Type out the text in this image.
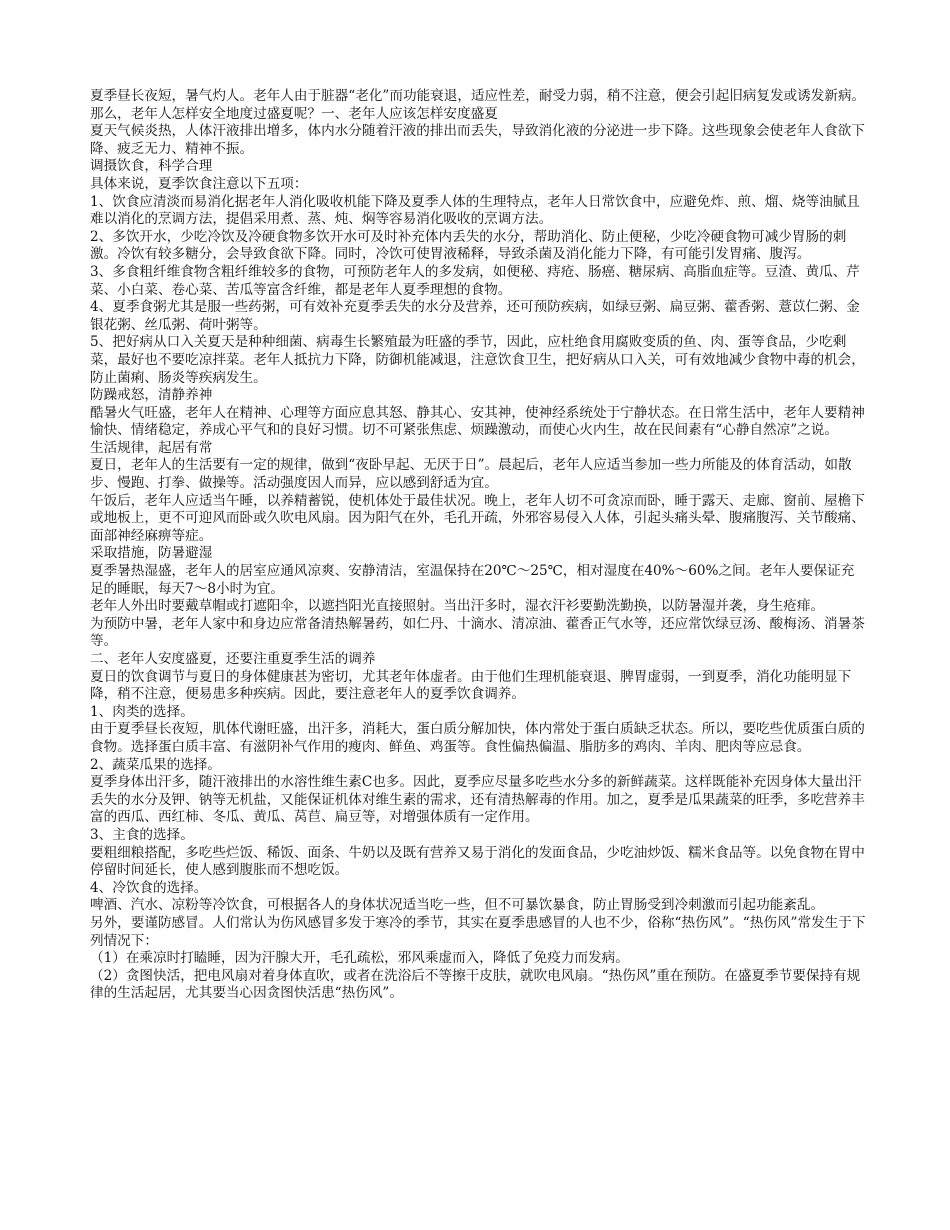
夏季昼长夜短，暑气灼人。老年人由于脏器“老化”而功能衰退，适应性差，耐受力弱，稍不注意，便会引起旧病复发或诱发新病。那么，老年人怎样安全地度过盛夏呢？一、老年人应该怎样安度盛夏

夏天气候炎热，人体汗液排出增多，体内水分随着汗液的排出而丢失，导致消化液的分泌进一步下降。这些现象会使老年人食欲下降、疲乏无力、精神不振。

调摄饮食，科学合理

具体来说，夏季饮食注意以下五项：

1、饮食应清淡而易消化据老年人消化吸收机能下降及夏季人体的生理特点，老年人日常饮食中，应避免炸、煎、熘、烧等油腻且难以消化的烹调方法，提倡采用煮、蒸、炖、焖等容易消化吸收的烹调方法。

2、多饮开水，少吃冷饮及冷硬食物多饮开水可及时补充体内丢失的水分，帮助消化、防止便秘，少吃冷硬食物可减少胃肠的刺激。冷饮有较多糖分，会导致食欲下降。同时，冷饮可使胃液稀释，导致杀菌及消化能力下降，有可能引发胃痛、腹泻。

3、多食粗纤维食物含粗纤维较多的食物，可预防老年人的多发病，如便秘、痔疮、肠癌、糖尿病、高脂血症等。豆渣、黄瓜、芹菜、小白菜、卷心菜、苦瓜等富含纤维，都是老年人夏季理想的食物。

4、夏季食粥尤其是服一些药粥，可有效补充夏季丢失的水分及营养，还可预防疾病，如绿豆粥、扁豆粥、藿香粥、薏苡仁粥、金银花粥、丝瓜粥、荷叶粥等。

5、把好病从口入关夏天是种种细菌、病毒生长繁殖最为旺盛的季节，因此，应杜绝食用腐败变质的鱼、肉、蛋等食品，少吃剩菜，最好也不要吃凉拌菜。老年人抵抗力下降，防御机能减退，注意饮食卫生，把好病从口入关，可有效地减少食物中毒的机会，防止菌痢、肠炎等疾病发生。

防躁戒怒，清静养神

酷暑火气旺盛，老年人在精神、心理等方面应息其怒、静其心、安其神，使神经系统处于宁静状态。在日常生活中，老年人要精神愉快、情绪稳定，养成心平气和的良好习惯。切不可紧张焦虑、烦躁激动，而使心火内生，故在民间素有“心静自然凉”之说。

生活规律，起居有常

夏日，老年人的生活要有一定的规律，做到“夜卧早起、无厌于日”。晨起后，老年人应适当参加一些力所能及的体育活动，如散步、慢跑、打拳、做操等。活动强度因人而异，应以感到舒适为宜。

午饭后，老年人应适当午睡，以养精蓄锐，使机体处于最佳状况。晚上，老年人切不可贪凉而卧，睡于露天、走廊、窗前、屋檐下或地板上，更不可迎风而卧或久吹电风扇。因为阳气在外，毛孔开疏，外邪容易侵入人体，引起头痛头晕、腹痛腹泻、关节酸痛、面部神经麻痹等症。

采取措施，防暑避湿

夏季暑热湿盛，老年人的居室应通风凉爽、安静清洁，室温保持在20℃～25℃，相对湿度在40%～60%之间。老年人要保证充足的睡眠，每天7～8小时为宜。

老年人外出时要戴草帽或打遮阳伞，以遮挡阳光直接照射。当出汗多时，湿衣汗衫要勤洗勤换，以防暑湿并袭，身生疮痱。

为预防中暑，老年人家中和身边应常备清热解暑药，如仁丹、十滴水、清凉油、藿香正气水等，还应常饮绿豆汤、酸梅汤、消暑茶等。

二、老年人安度盛夏，还要注重夏季生活的调养

夏日的饮食调节与夏日的身体健康甚为密切，尤其老年体虚者。由于他们生理机能衰退、脾胃虚弱，一到夏季，消化功能明显下降，稍不注意，便易患多种疾病。因此，要注意老年人的夏季饮食调养。

1、肉类的选择。

由于夏季昼长夜短，肌体代谢旺盛，出汗多，消耗大，蛋白质分解加快，体内常处于蛋白质缺乏状态。所以，要吃些优质蛋白质的食物。选择蛋白质丰富、有滋阴补气作用的瘦肉、鲜鱼、鸡蛋等。食性偏热偏温、脂肪多的鸡肉、羊肉、肥肉等应忌食。

2、蔬菜瓜果的选择。

夏季身体出汗多，随汗液排出的水溶性维生素C也多。因此，夏季应尽量多吃些水分多的新鲜蔬菜。这样既能补充因身体大量出汗丢失的水分及钾、钠等无机盐，又能保证机体对维生素的需求，还有清热解毒的作用。加之，夏季是瓜果蔬菜的旺季，多吃营养丰富的西瓜、西红柿、冬瓜、黄瓜、莴苣、扁豆等，对增强体质有一定作用。

3、主食的选择。

要粗细粮搭配，多吃些烂饭、稀饭、面条、牛奶以及既有营养又易于消化的发面食品，少吃油炒饭、糯米食品等。以免食物在胃中停留时间延长，使人感到腹胀而不想吃饭。

4、冷饮食的选择。

啤酒、汽水、凉粉等冷饮食，可根据各人的身体状况适当吃一些，但不可暴饮暴食，防止胃肠受到冷刺激而引起功能紊乱。

另外，要谨防感冒。人们常认为伤风感冒多发于寒冷的季节，其实在夏季患感冒的人也不少，俗称“热伤风”。“热伤风”常发生于下列情况下：

（1）在乘凉时打瞌睡，因为汗腺大开，毛孔疏松，邪风乘虚而入，降低了免疫力而发病。

（2）贪图快活，把电风扇对着身体直吹，或者在洗浴后不等擦干皮肤，就吹电风扇。“热伤风”重在预防。在盛夏季节要保持有规律的生活起居，尤其要当心因贪图快活患“热伤风”。
